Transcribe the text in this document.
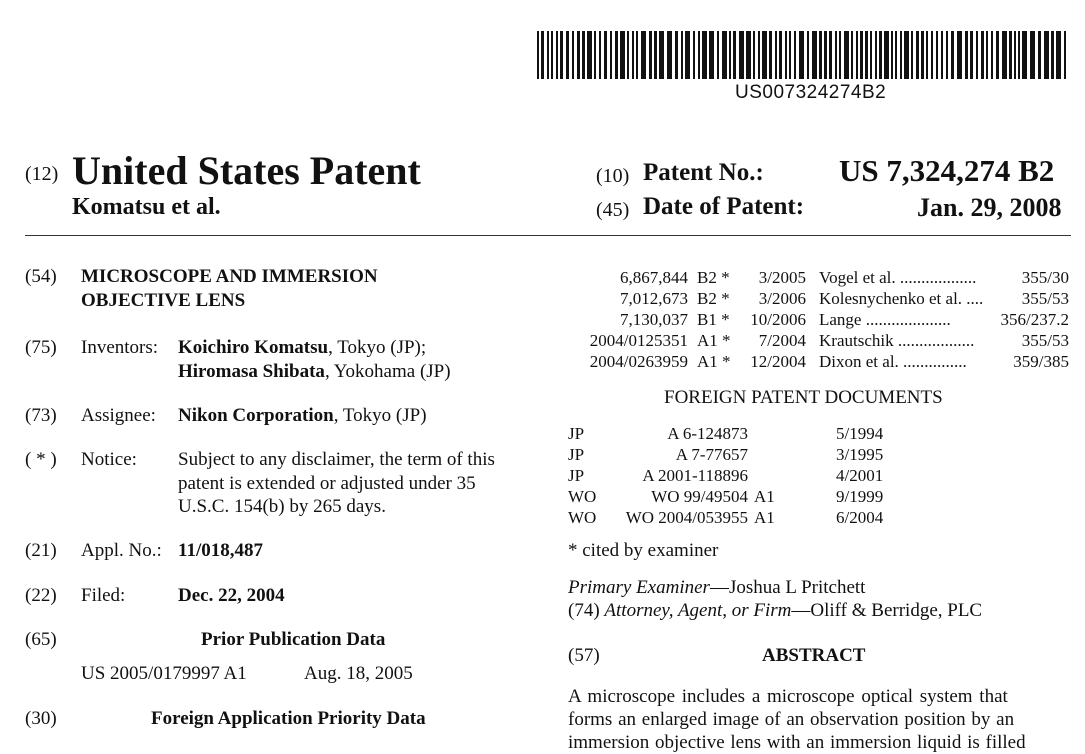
US007324274B2
(12) United States Patent
Komatsu et al.
(10) Patent No.: US 7,324,274 B2
(45) Date of Patent:	Jan. 29, 2008
(54) MICROSCOPE AND IMMERSION
OBJECTIVE LENS
(75) Inventors: Koichiro Komatsu, Tokyo (JP);
Hiromasa Shibata, Yokohama (JP)
(73) Assignee: Nikon Corporation, Tokyo (JP)
( * ) Notice: Subject to any disclaimer, the term of this
patent is extended or adjusted under 35
U.S.C. 154(b) by 265 days.
(21) Appl. No.: 11/018,487
(22) Filed:	Dec. 22, 2004
(65)	Prior Publication Data
US 2005/0179997 A1	Aug. 18, 2005
(30)	Foreign Application Priority Data
6,867,844 B2 *	3/2005 Vogel et al. ..................	355/30
7,012,673 B2 *	3/2006 Kolesnychenko et al. ....	355/53
7,130,037 B1 *	10/2006 Lange ....................	356/237.2
2004/0125351 A1 *	7/2004 Krautschik ..................	355/53
2004/0263959 A1 *	12/2004 Dixon et al. ...............	359/385
FOREIGN PATENT DOCUMENTS
JP	A 6-124873	5/1994
JP	A 7-77657	3/1995
JP	A 2001-118896	4/2001
WO	WO 99/49504 A1	9/1999
WO	WO 2004/053955 A1	6/2004
* cited by examiner
Primary Examiner—Joshua L Pritchett
(74) Attorney, Agent, or Firm—Oliff & Berridge, PLC
(57)	ABSTRACT
A microscope includes a microscope optical system that
forms an enlarged image of an observation position by an
immersion objective lens with an immersion liquid is filled
